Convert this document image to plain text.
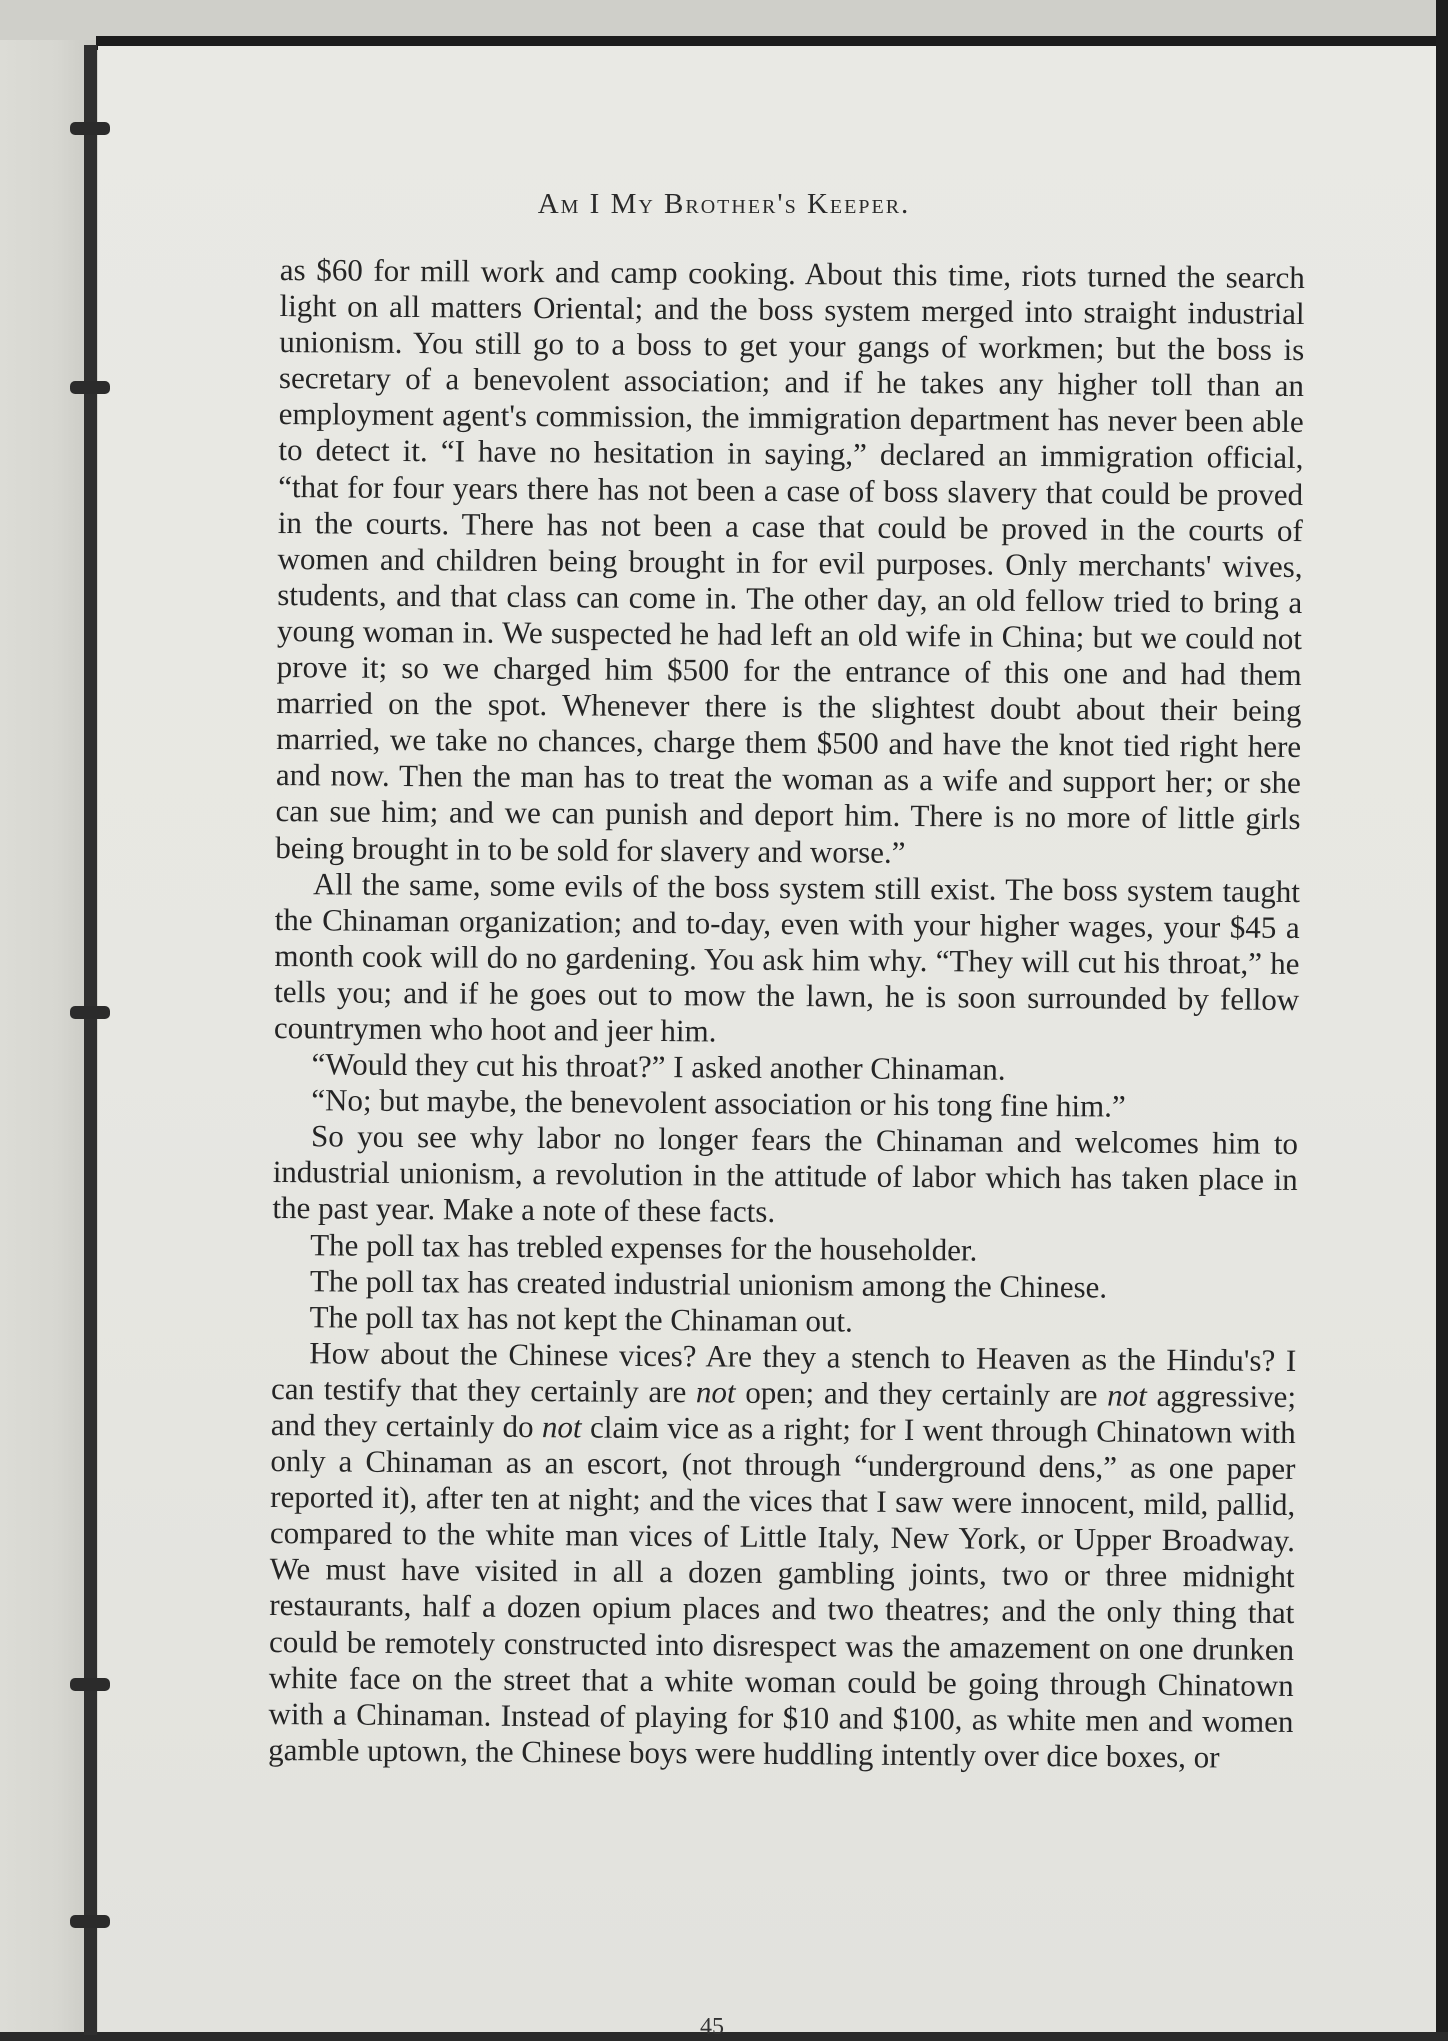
Am I My Brother's Keeper.

as $60 for mill work and camp cooking. About this time, riots turned the search light on all matters Oriental; and the boss system merged into straight industrial unionism. You still go to a boss to get your gangs of workmen; but the boss is secretary of a benevolent association; and if he takes any higher toll than an employment agent's commission, the immigration department has never been able to detect it. “I have no hesitation in saying,” declared an immigration official, “that for four years there has not been a case of boss slavery that could be proved in the courts. There has not been a case that could be proved in the courts of women and children being brought in for evil purposes. Only merchants' wives, students, and that class can come in. The other day, an old fellow tried to bring a young woman in. We suspected he had left an old wife in China; but we could not prove it; so we charged him $500 for the entrance of this one and had them married on the spot. Whenever there is the slightest doubt about their being married, we take no chances, charge them $500 and have the knot tied right here and now. Then the man has to treat the woman as a wife and support her; or she can sue him; and we can punish and deport him. There is no more of little girls being brought in to be sold for slavery and worse.”

All the same, some evils of the boss system still exist. The boss system taught the Chinaman organization; and to-day, even with your higher wages, your $45 a month cook will do no gardening. You ask him why. “They will cut his throat,” he tells you; and if he goes out to mow the lawn, he is soon surrounded by fellow countrymen who hoot and jeer him.

“Would they cut his throat?” I asked another Chinaman.

“No; but maybe, the benevolent association or his tong fine him.”

So you see why labor no longer fears the Chinaman and welcomes him to industrial unionism, a revolution in the attitude of labor which has taken place in the past year. Make a note of these facts.

The poll tax has trebled expenses for the householder.

The poll tax has created industrial unionism among the Chinese.

The poll tax has not kept the Chinaman out.

How about the Chinese vices? Are they a stench to Heaven as the Hindu's? I can testify that they certainly are not open; and they certainly are not aggressive; and they certainly do not claim vice as a right; for I went through Chinatown with only a Chinaman as an escort, (not through “underground dens,” as one paper reported it), after ten at night; and the vices that I saw were innocent, mild, pallid, compared to the white man vices of Little Italy, New York, or Upper Broadway. We must have visited in all a dozen gambling joints, two or three midnight restaurants, half a dozen opium places and two theatres; and the only thing that could be remotely constructed into disrespect was the amazement on one drunken white face on the street that a white woman could be going through Chinatown with a Chinaman. Instead of playing for $10 and $100, as white men and women gamble uptown, the Chinese boys were huddling intently over dice boxes, or

45
